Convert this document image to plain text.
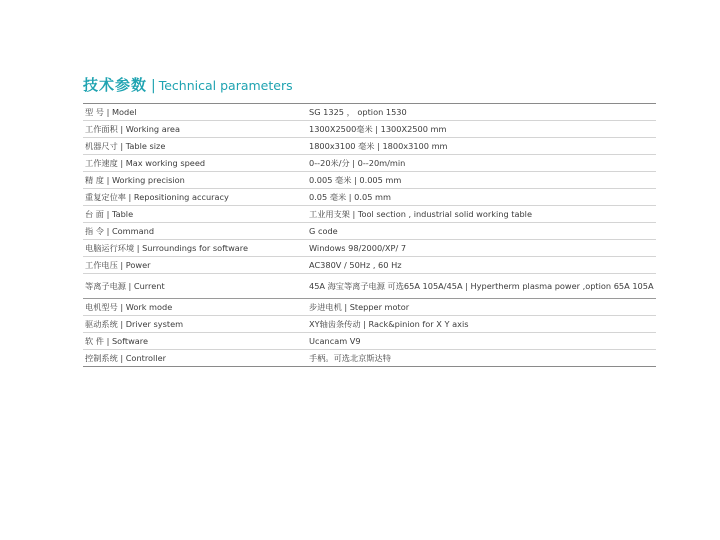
技术参数 | Technical parameters
型 号 | Model	SG 1325 ， option 1530
工作面积 | Working area	1300X2500毫米 | 1300X2500 mm
机器尺寸 | Table size	1800x3100 毫米 | 1800x3100 mm
工作速度 | Max working speed	0--20米/分 | 0--20m/min
精 度 | Working precision	0.005 毫米 | 0.005 mm
重复定位率 | Repositioning accuracy	0.05 毫米 | 0.05 mm
台 面 | Table	工业用支架 | Tool section , industrial solid working table
指 令 | Command	G code
电脑运行环境 | Surroundings for software	Windows 98/2000/XP/ 7
工作电压 | Power	AC380V / 50Hz , 60 Hz
等离子电源 | Current	45A 海宝等离子电源 可选65A 105A/45A | Hypertherm plasma power ,option 65A 105A
电机型号 | Work mode	步进电机 | Stepper motor
驱动系统 | Driver system	XY轴齿条传动 | Rack&pinion for X Y axis
软 件 | Software	Ucancam V9
控制系统 | Controller	手柄。可选北京斯达特
